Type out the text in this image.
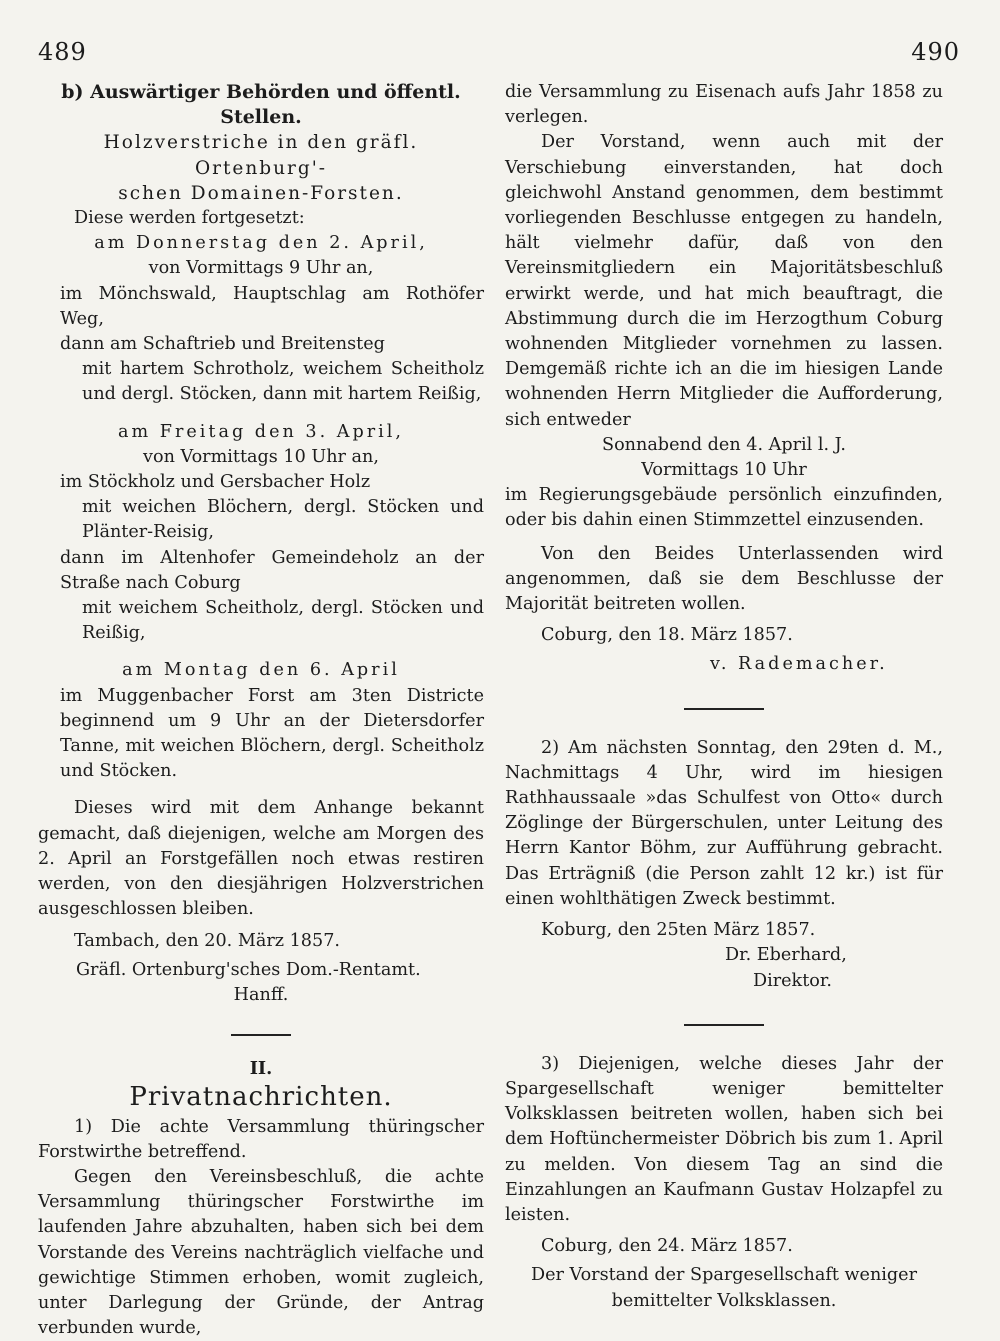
489	490

b) Auswärtiger Behörden und öffentl. Stellen.

Holzverstriche in den gräfl. Ortenburg'-

schen Domainen-Forsten.

Diese werden fortgesetzt:

am Donnerstag den 2. April,

von Vormittags 9 Uhr an,

im Mönchswald, Hauptschlag am Rothöfer Weg,

dann am Schaftrieb und Breitensteg

mit hartem Schrotholz, weichem Scheitholz und dergl. Stöcken, dann mit hartem Reißig,

am Freitag den 3. April,

von Vormittags 10 Uhr an,

im Stöckholz und Gersbacher Holz

mit weichen Blöchern, dergl. Stöcken und Plänter-Reisig,

dann im Altenhofer Gemeindeholz an der Straße nach Coburg

mit weichem Scheitholz, dergl. Stöcken und Reißig,

am Montag den 6. April

im Muggenbacher Forst am 3ten Districte beginnend um 9 Uhr an der Dietersdorfer Tanne, mit weichen Blöchern, dergl. Scheitholz und Stöcken.

Dieses wird mit dem Anhange bekannt gemacht, daß diejenigen, welche am Morgen des 2. April an Forstgefällen noch etwas restiren werden, von den diesjährigen Holzverstrichen ausgeschlossen bleiben.

Tambach, den 20. März 1857.

Gräfl. Ortenburg'sches Dom.-Rentamt.

Hanff.

II.

Privatnachrichten.

1) Die achte Versammlung thüringscher Forstwirthe betreffend.

Gegen den Vereinsbeschluß, die achte Versammlung thüringscher Forstwirthe im laufenden Jahre abzuhalten, haben sich bei dem Vorstande des Vereins nachträglich vielfache und gewichtige Stimmen erhoben, womit zugleich, unter Darlegung der Gründe, der Antrag verbunden wurde,

die Versammlung zu Eisenach aufs Jahr 1858 zu verlegen.

Der Vorstand, wenn auch mit der Verschiebung einverstanden, hat doch gleichwohl Anstand genommen, dem bestimmt vorliegenden Beschlusse entgegen zu handeln, hält vielmehr dafür, daß von den Vereinsmitgliedern ein Majoritätsbeschluß erwirkt werde, und hat mich beauftragt, die Abstimmung durch die im Herzogthum Coburg wohnenden Mitglieder vornehmen zu lassen. Demgemäß richte ich an die im hiesigen Lande wohnenden Herrn Mitglieder die Aufforderung, sich entweder

Sonnabend den 4. April l. J.

Vormittags 10 Uhr

im Regierungsgebäude persönlich einzufinden, oder bis dahin einen Stimmzettel einzusenden.

Von den Beides Unterlassenden wird angenommen, daß sie dem Beschlusse der Majorität beitreten wollen.

Coburg, den 18. März 1857.

v. Rademacher.

2) Am nächsten Sonntag, den 29ten d. M., Nachmittags 4 Uhr, wird im hiesigen Rathhaussaale »das Schulfest von Otto« durch Zöglinge der Bürgerschulen, unter Leitung des Herrn Kantor Böhm, zur Aufführung gebracht. Das Erträgniß (die Person zahlt 12 kr.) ist für einen wohlthätigen Zweck bestimmt.

Koburg, den 25ten März 1857.

Dr. Eberhard,

Direktor.

3) Diejenigen, welche dieses Jahr der Spargesellschaft weniger bemittelter Volksklassen beitreten wollen, haben sich bei dem Hoftünchermeister Döbrich bis zum 1. April zu melden. Von diesem Tag an sind die Einzahlungen an Kaufmann Gustav Holzapfel zu leisten.

Coburg, den 24. März 1857.

Der Vorstand der Spargesellschaft weniger

bemittelter Volksklassen.
